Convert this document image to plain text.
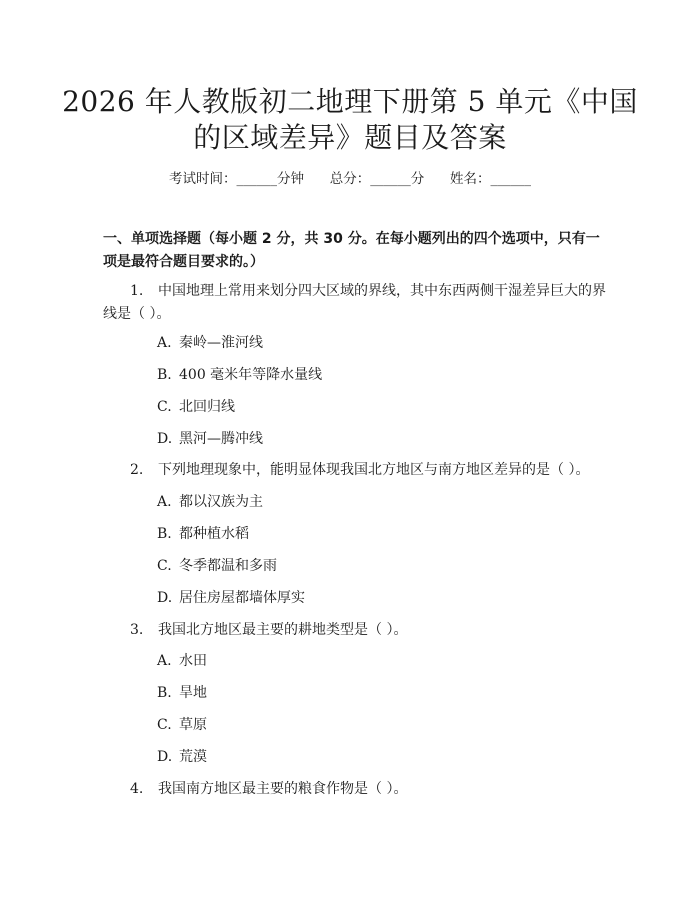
2026 年人教版初二地理下册第 5 单元《中国
的区域差异》题目及答案
考试时间：______分钟      总分：______分      姓名：______
一、单项选择题（每小题 2 分，共 30 分。在每小题列出的四个选项中，只有一项是最符合题目要求的。）
1. 中国地理上常用来划分四大区域的界线，其中东西两侧干湿差异巨大的界线是（ ）。
A. 秦岭—淮河线
B. 400 毫米年等降水量线
C. 北回归线
D. 黑河—腾冲线
2. 下列地理现象中，能明显体现我国北方地区与南方地区差异的是（ ）。
A. 都以汉族为主
B. 都种植水稻
C. 冬季都温和多雨
D. 居住房屋都墙体厚实
3. 我国北方地区最主要的耕地类型是（ ）。
A. 水田
B. 旱地
C. 草原
D. 荒漠
4. 我国南方地区最主要的粮食作物是（ ）。
